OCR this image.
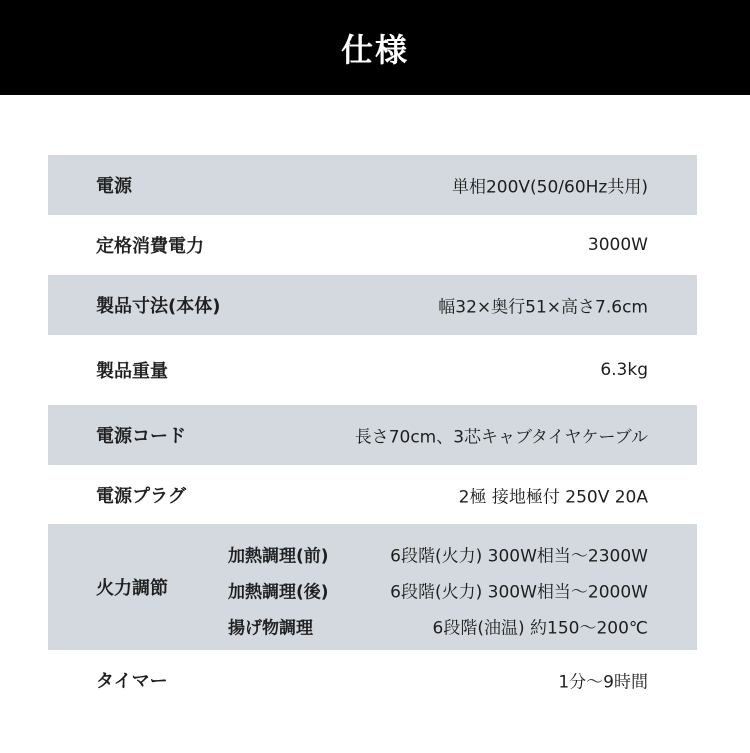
仕様
電源	単相200V(50/60Hz共用)
定格消費電力	3000W
製品寸法(本体)	幅32×奥行51×高さ7.6cm
製品重量	6.3kg
電源コード	長さ70cm、3芯キャブタイヤケーブル
電源プラグ	2極 接地極付 250V 20A
火力調節
加熱調理(前)	6段階(火力) 300W相当～2300W
加熱調理(後)	6段階(火力) 300W相当～2000W
揚げ物調理	6段階(油温) 約150～200℃
タイマー	1分～9時間
